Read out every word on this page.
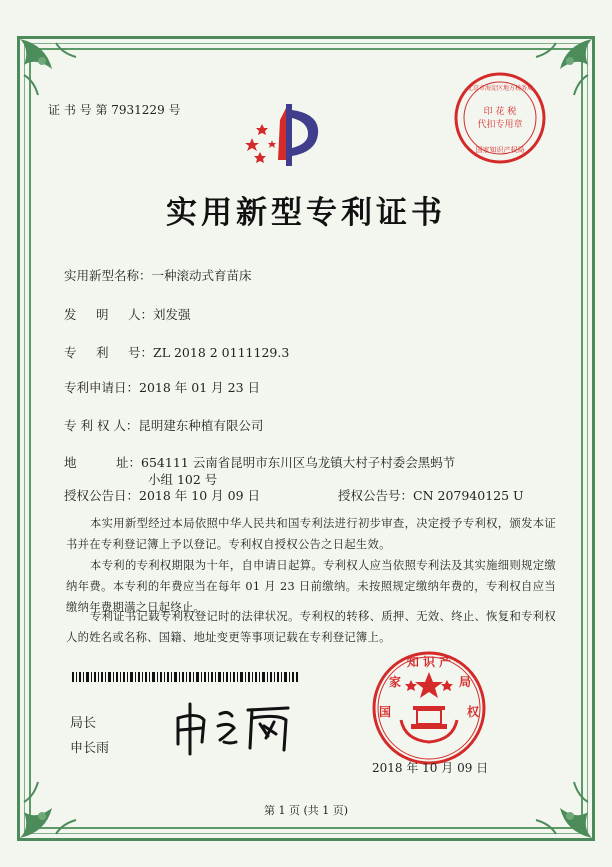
证 书 号 第 7931229 号	印 花 税
代扣专用章
北京市海淀区地方税务局
国家知识产权局
实用新型专利证书
实用新型名称：一种滚动式育苗床
发 明 人：刘发强
专 利 号：ZL 2018 2 0111129.3
专利申请日：2018 年 01 月 23 日
专 利 权 人：昆明建东种植有限公司
地	址：654111 云南省昆明市东川区乌龙镇大村子村委会黑蚂节
小组 102 号
授权公告日：2018 年 10 月 09 日	授权公告号：CN 207940125 U
本实用新型经过本局依照中华人民共和国专利法进行初步审查，决定授予专利权，颁发本证书并在专利登记簿上予以登记。专利权自授权公告之日起生效。
本专利的专利权期限为十年，自申请日起算。专利权人应当依照专利法及其实施细则规定缴纳年费。本专利的年费应当在每年 01 月 23 日前缴纳。未按照规定缴纳年费的，专利权自应当缴纳年费期满之日起终止。
专利证书记载专利权登记时的法律状况。专利权的转移、质押、无效、终止、恢复和专利权人的姓名或名称、国籍、地址变更等事项记载在专利登记簿上。
局长
申长雨
知 识 产
国	权
家	局
2018 年 10 月 09 日
第 1 页 (共 1 页)
